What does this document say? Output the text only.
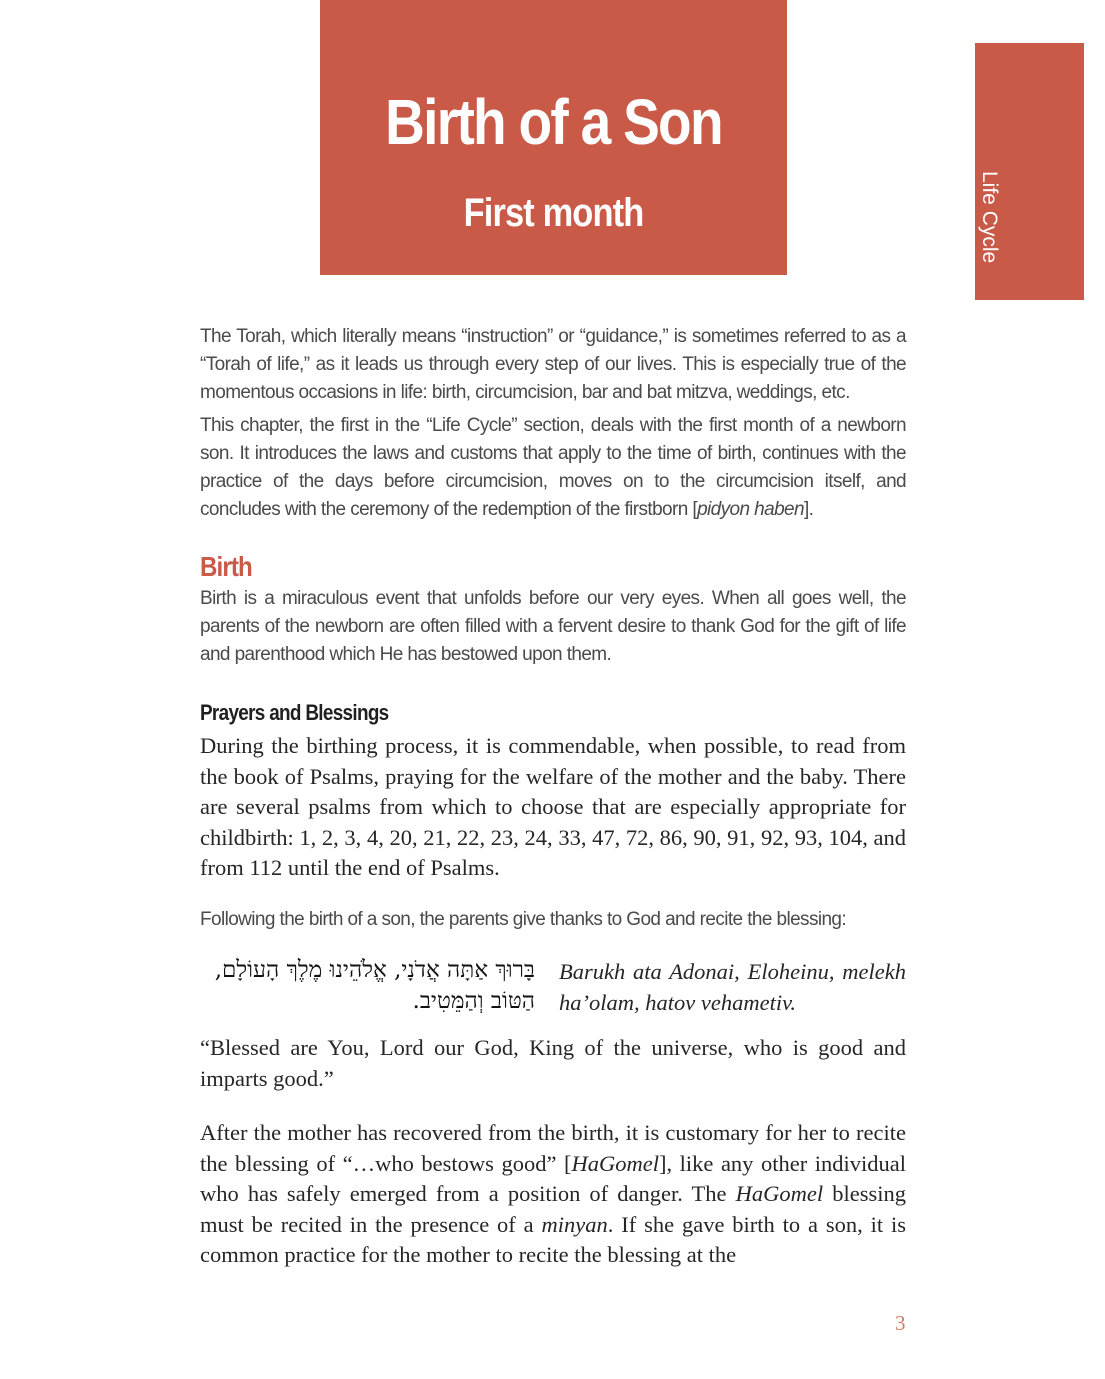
Birth of a Son
First month	Life Cycle

The Torah, which literally means “instruction” or “guidance,” is sometimes referred to as a “Torah of life,” as it leads us through every step of our lives. This is especially true of the momentous occasions in life: birth, circumcision, bar and bat mitzva, weddings, etc.

This chapter, the first in the “Life Cycle” section, deals with the first month of a newborn son. It introduces the laws and customs that apply to the time of birth, continues with the practice of the days before circumcision, moves on to the circumcision itself, and concludes with the ceremony of the redemption of the firstborn [pidyon haben].

Birth

Birth is a miraculous event that unfolds before our very eyes. When all goes well, the parents of the newborn are often filled with a fervent desire to thank God for the gift of life and parenthood which He has bestowed upon them.

Prayers and Blessings

During the birthing process, it is commendable, when possible, to read from the book of Psalms, praying for the welfare of the mother and the baby. There are several psalms from which to choose that are especially appropriate for childbirth: 1, 2, 3, 4, 20, 21, 22, 23, 24, 33, 47, 72, 86, 90, 91, 92, 93, 104, and from 112 until the end of Psalms.

Following the birth of a son, the parents give thanks to God and recite the blessing:

בָּרוּךְ אַתָּה אֲדֹנָי, אֱלֹהֵינוּ מֶלֶךְ הָעוֹלָם,
הַטּוֹב וְהַמֵּטִיב.

Barukh ata Adonai, Eloheinu, melekh ha’olam, hatov vehametiv.

“Blessed are You, Lord our God, King of the universe, who is good and imparts good.”

After the mother has recovered from the birth, it is customary for her to recite the blessing of “…who bestows good” [HaGomel], like any other individual who has safely emerged from a position of danger. The HaGomel blessing must be recited in the presence of a minyan. If she gave birth to a son, it is common practice for the mother to recite the blessing at the

3
